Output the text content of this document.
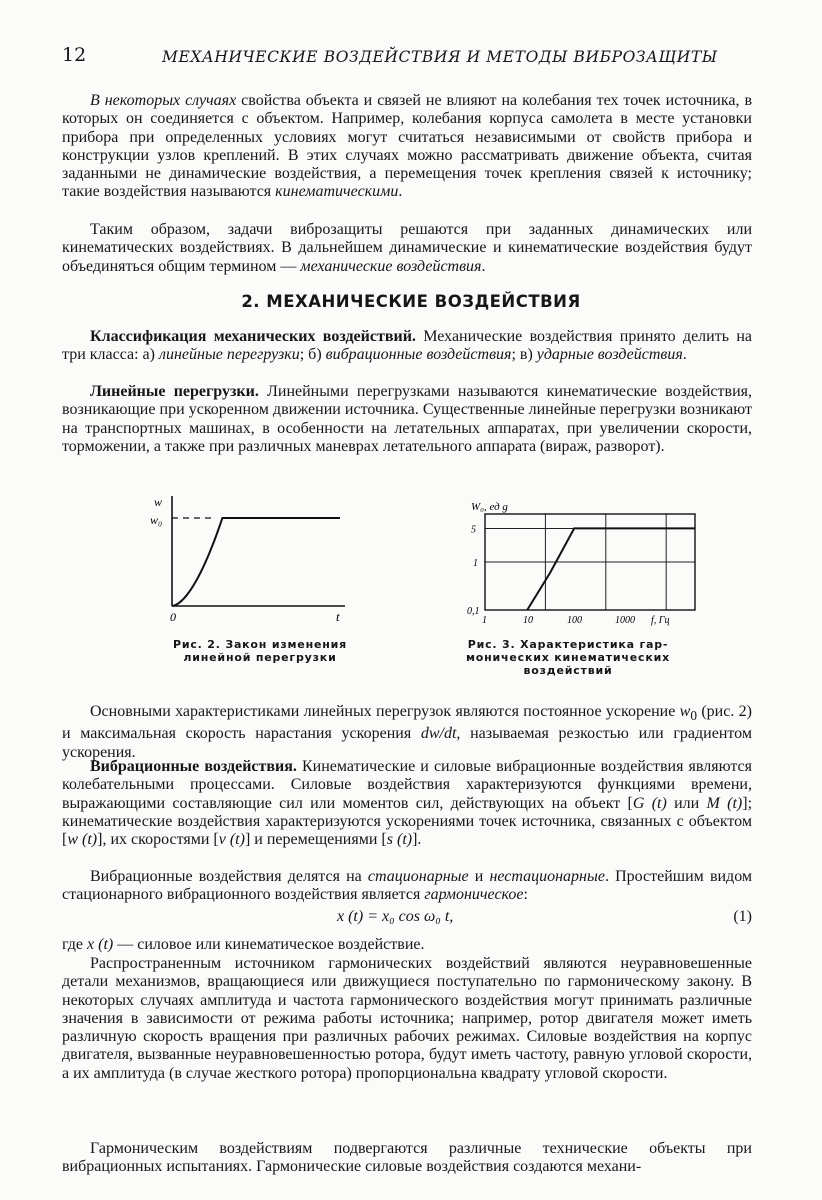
12	МЕХАНИЧЕСКИЕ ВОЗДЕЙСТВИЯ И МЕТОДЫ ВИБРОЗАЩИТЫ

В некоторых случаях свойства объекта и связей не влияют на колебания тех точек источника, в которых он соединяется с объектом. Например, колебания корпуса самолета в месте установки прибора при определенных условиях могут считаться независимыми от свойств прибора и конструкции узлов креплений. В этих случаях можно рассматривать движение объекта, считая заданными не динамические воздействия, а перемещения точек крепления связей к источнику; такие воздействия называются кинематическими.

Таким образом, задачи виброзащиты решаются при заданных динамических или кинематических воздействиях. В дальнейшем динамические и кинематические воздействия будут объединяться общим термином — механические воздействия.

2. МЕХАНИЧЕСКИЕ ВОЗДЕЙСТВИЯ

Классификация механических воздействий. Механические воздействия принято делить на три класса: а) линейные перегрузки; б) вибрационные воздействия; в) ударные воздействия.

Линейные перегрузки. Линейными перегрузками называются кинематические воздействия, возникающие при ускоренном движении источника. Существенные линейные перегрузки возникают на транспортных машинах, в особенности на летательных аппаратах, при увеличении скорости, торможении, а также при различных маневрах летательного аппарата (вираж, разворот).

w
w₀
0	t
Рис. 2. Закон изменения
линейной перегрузки
W₀, ед g
5
1
0,1
1	10	100	1000 f, Гц
Рис. 3. Характеристика гар-
монических кинематических
воздействий

Основными характеристиками линейных перегрузок являются постоянное ускорение $w_0$ (рис. 2) и максимальная скорость нарастания ускорения dw/dt, называемая резкостью или градиентом ускорения.

Вибрационные воздействия. Кинематические и силовые вибрационные воздействия являются колебательными процессами. Силовые воздействия характеризуются функциями времени, выражающими составляющие сил или моментов сил, действующих на объект [G (t) или M (t)]; кинематические воздействия характеризуются ускорениями точек источника, связанных с объектом [w (t)], их скоростями [v (t)] и перемещениями [s (t)].

Вибрационные воздействия делятся на стационарные и нестационарные. Простейшим видом стационарного вибрационного воздействия является гармоническое:

x (t) = x₀ cos ω₀ t,	(1)

где x (t) — силовое или кинематическое воздействие.

Распространенным источником гармонических воздействий являются неуравновешенные детали механизмов, вращающиеся или движущиеся поступательно по гармоническому закону. В некоторых случаях амплитуда и частота гармонического воздействия могут принимать различные значения в зависимости от режима работы источника; например, ротор двигателя может иметь различную скорость вращения при различных рабочих режимах. Силовые воздействия на корпус двигателя, вызванные неуравновешенностью ротора, будут иметь частоту, равную угловой скорости, а их амплитуда (в случае жесткого ротора) пропорциональна квадрату угловой скорости.

Гармоническим воздействиям подвергаются различные технические объекты при вибрационных испытаниях. Гармонические силовые воздействия создаются механи-
